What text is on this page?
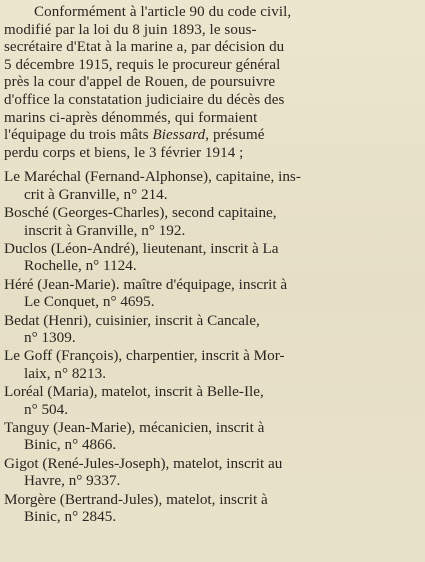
Conformément à l'article 90 du code civil,
modifié par la loi du 8 juin 1893, le sous-
secrétaire d'Etat à la marine a, par décision du
5 décembre 1915, requis le procureur général
près la cour d'appel de Rouen, de poursuivre
d'office la constatation judiciaire du décès des
marins ci-après dénommés, qui formaient
l'équipage du trois mâts Biessard, présumé
perdu corps et biens, le 3 février 1914 ;

Le Maréchal (Fernand-Alphonse), capitaine, ins-
crit à Granville, n° 214.
Bosché (Georges-Charles), second capitaine,
inscrit à Granville, n° 192.
Duclos (Léon-André), lieutenant, inscrit à La
Rochelle, n° 1124.
Héré (Jean-Marie). maître d'équipage, inscrit à
Le Conquet, n° 4695.
Bedat (Henri), cuisinier, inscrit à Cancale,
n° 1309.
Le Goff (François), charpentier, inscrit à Mor-
laix, n° 8213.
Loréal (Maria), matelot, inscrit à Belle-Ile,
n° 504.
Tanguy (Jean-Marie), mécanicien, inscrit à
Binic, n° 4866.
Gigot (René-Jules-Joseph), matelot, inscrit au
Havre, n° 9337.
Morgère (Bertrand-Jules), matelot, inscrit à
Binic, n° 2845.
